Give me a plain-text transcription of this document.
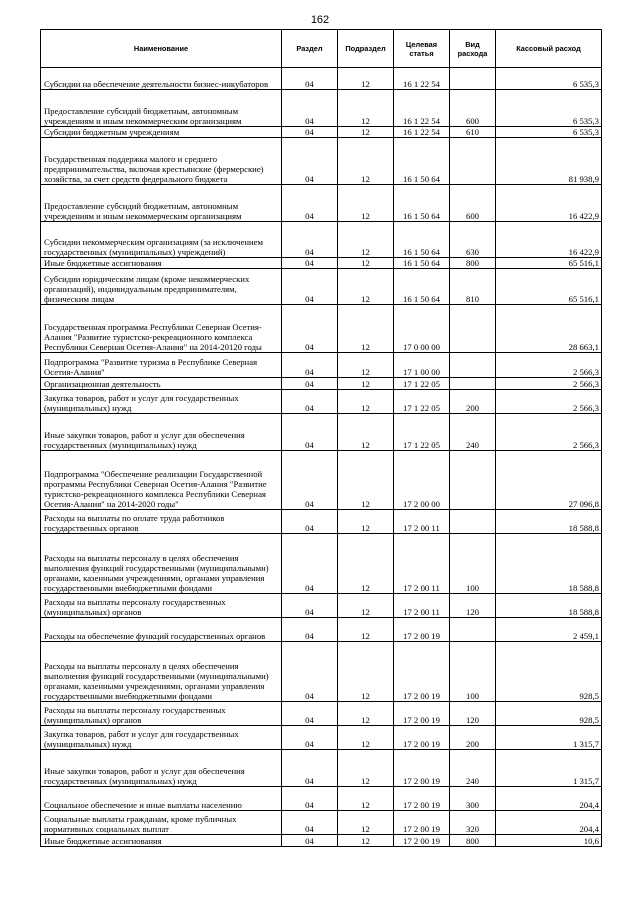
162
Наименование	Раздел	Подраздел	Целевая статья	Вид расхода	Кассовый расход
Субсидии на обеспечение деятельности бизнес-инкубаторов	04	12	16 1 22 54		6 535,3
Предоставление субсидий бюджетным, автономным учреждениям и иным некоммерческим организациям	04	12	16 1 22 54	600	6 535,3
Субсидии бюджетным учреждениям	04	12	16 1 22 54	610	6 535,3
Государственная поддержка малого и среднего предпринимательства, включая крестьянские (фермерские) хозяйства, за счет средств федерального бюджета	04	12	16 1 50 64		81 938,9
Предоставление субсидий бюджетным, автономным учреждениям и иным некоммерческим организациям	04	12	16 1 50 64	600	16 422,9
Субсидии некоммерческим организациям (за исключением государственных (муниципальных) учреждений)	04	12	16 1 50 64	630	16 422,9
Иные бюджетные ассигнования	04	12	16 1 50 64	800	65 516,1
Субсидии юридическим лицам (кроме некоммерческих организаций), индивидуальным предпринимателям, физическим лицам	04	12	16 1 50 64	810	65 516,1
Государственная программа Республики Северная Осетия-Алания "Развитие туристско-рекреационного комплекса Республики Северная Осетия-Алания" на 2014-20120 годы	04	12	17 0 00 00		28 663,1
Подпрограмма "Развитие туризма в Республике Северная Осетия-Алания"	04	12	17 1 00 00		2 566,3
Организационная деятельность	04	12	17 1 22 05		2 566,3
Закупка товаров, работ и услуг для государственных (муниципальных) нужд	04	12	17 1 22 05	200	2 566,3
Иные закупки товаров, работ и услуг для обеспечения государственных (муниципальных) нужд	04	12	17 1 22 05	240	2 566,3
Подпрограмма "Обеспечение реализации Государственной программы Республики Северная Осетия-Алания "Развитие туристско-рекреационного комплекса Республики Северная Осетия-Алания" на 2014-2020 годы"	04	12	17 2 00 00		27 096,8
Расходы на выплаты по оплате труда работников государственных органов	04	12	17 2 00 11		18 588,8
Расходы на выплаты персоналу в целях обеспечения выполнения функций государственными (муниципальными) органами, казенными учреждениями, органами управления государственными внебюджетными фондами	04	12	17 2 00 11	100	18 588,8
Расходы на выплаты персоналу государственных (муниципальных) органов	04	12	17 2 00 11	120	18 588,8
Расходы на обеспечение функций государственных органов	04	12	17 2 00 19		2 459,1
Расходы на выплаты персоналу в целях обеспечения выполнения функций государственными (муниципальными) органами, казенными учреждениями, органами управления государственными внебюджетными фондами	04	12	17 2 00 19	100	928,5
Расходы на выплаты персоналу государственных (муниципальных) органов	04	12	17 2 00 19	120	928,5
Закупка товаров, работ и услуг для государственных (муниципальных) нужд	04	12	17 2 00 19	200	1 315,7
Иные закупки товаров, работ и услуг для обеспечения государственных (муниципальных) нужд	04	12	17 2 00 19	240	1 315,7
Социальное обеспечение и иные выплаты населению	04	12	17 2 00 19	300	204,4
Социальные выплаты гражданам, кроме публичных нормативных социальных выплат	04	12	17 2 00 19	320	204,4
Иные бюджетные ассигнования	04	12	17 2 00 19	800	10,6
